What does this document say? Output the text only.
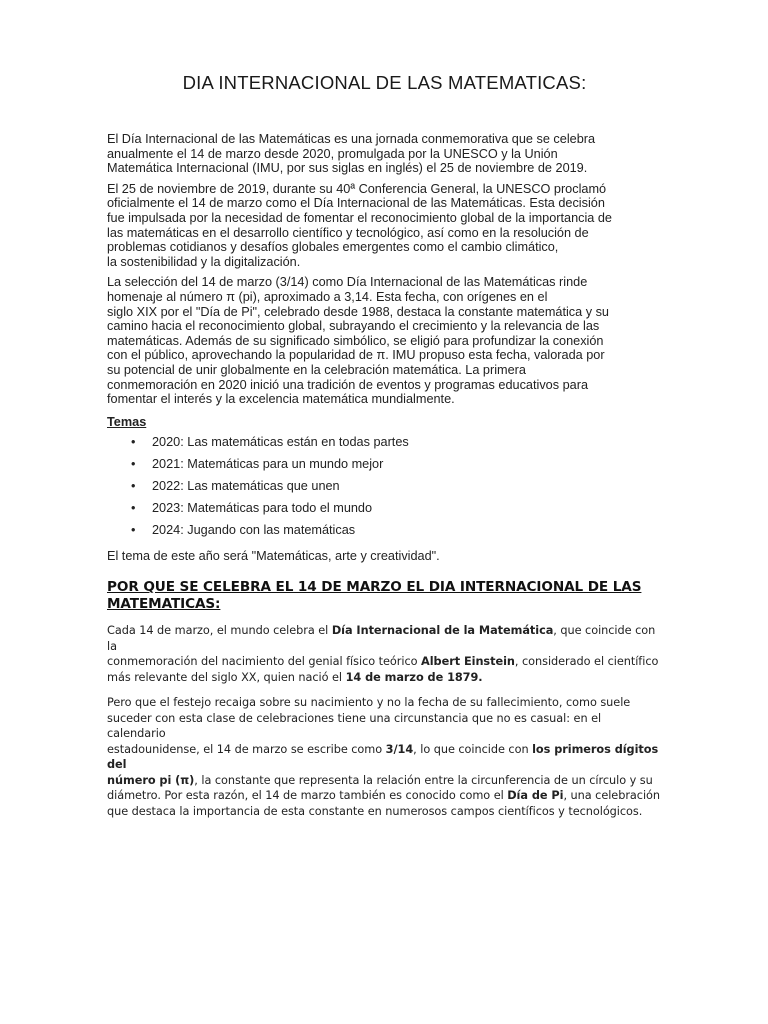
DIA INTERNACIONAL DE LAS MATEMATICAS:

El Día Internacional de las Matemáticas es una jornada conmemorativa que se celebra
anualmente el 14 de marzo desde 2020, promulgada por la UNESCO y la Unión
Matemática Internacional (IMU, por sus siglas en inglés) el 25 de noviembre de 2019.

El 25 de noviembre de 2019, durante su 40ª Conferencia General, la UNESCO proclamó
oficialmente el 14 de marzo como el Día Internacional de las Matemáticas. Esta decisión
fue impulsada por la necesidad de fomentar el reconocimiento global de la importancia de
las matemáticas en el desarrollo científico y tecnológico, así como en la resolución de
problemas cotidianos y desafíos globales emergentes como el cambio climático,
la sostenibilidad y la digitalización.

La selección del 14 de marzo (3/14) como Día Internacional de las Matemáticas rinde
homenaje al número π (pi), aproximado a 3,14. Esta fecha, con orígenes en el
siglo XIX por el "Día de Pi", celebrado desde 1988, destaca la constante matemática y su
camino hacia el reconocimiento global, subrayando el crecimiento y la relevancia de las
matemáticas. Además de su significado simbólico, se eligió para profundizar la conexión
con el público, aprovechando la popularidad de π. IMU propuso esta fecha, valorada por
su potencial de unir globalmente en la celebración matemática. La primera
conmemoración en 2020 inició una tradición de eventos y programas educativos para
fomentar el interés y la excelencia matemática mundialmente.

Temas
•	2020: Las matemáticas están en todas partes
•	2021: Matemáticas para un mundo mejor
•	2022: Las matemáticas que unen
•	2023: Matemáticas para todo el mundo
•	2024: Jugando con las matemáticas

El tema de este año será "Matemáticas, arte y creatividad".

POR QUE SE CELEBRA EL 14 DE MARZO EL DIA INTERNACIONAL DE LAS
MATEMATICAS:

Cada 14 de marzo, el mundo celebra el Día Internacional de la Matemática, que coincide con la
conmemoración del nacimiento del genial físico teórico Albert Einstein, considerado el científico
más relevante del siglo XX, quien nació el 14 de marzo de 1879.

Pero que el festejo recaiga sobre su nacimiento y no la fecha de su fallecimiento, como suele
suceder con esta clase de celebraciones tiene una circunstancia que no es casual: en el calendario
estadounidense, el 14 de marzo se escribe como 3/14, lo que coincide con los primeros dígitos del
número pi (π), la constante que representa la relación entre la circunferencia de un círculo y su
diámetro. Por esta razón, el 14 de marzo también es conocido como el Día de Pi, una celebración
que destaca la importancia de esta constante en numerosos campos científicos y tecnológicos.
